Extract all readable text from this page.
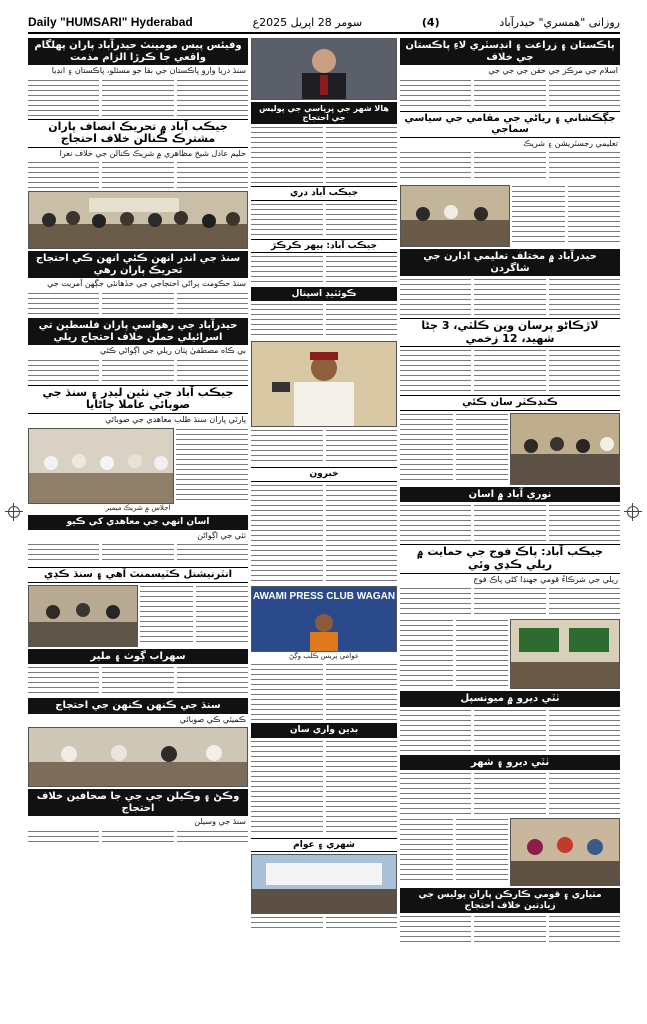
Daily "HUMSARI" Hyderabad	سومر 28 اپريل 2025ع	(4)	روزانی "همسري" حيدرآباد
وفيئس پيس مومينٽ حيدرآباد پاران پهلگام واقعي جا ڪرڙا الزام مذمت
سنڌ دريا وارو پاڪستان جي بقا جو مسئلو، پاڪستان ۽ انڊيا
جيڪب آباد ۾ تحريڪ انصاف پاران مشترڪ ڪنالن خلاف احتجاج
حليم عادل شيخ مظاهري ۾ شريڪ ڪنالن جي خلاف نعرا
سنڌ جي اندر انهن ڪئي انهن ڪي احتجاج تحريڪ پاران رهي
سنڌ حڪومت پراڻي احتجاجي جي جڏهانئي جڳهن آمريت جي
حيدرآباد جي رهواسي پاران فلسطين تي اسرائيلي حملن خلاف احتجاج ريلي
بي ڪاه مصطفيٰ پٺان ريلي جي اڳواڻي ڪئي
جيڪب آباد جي نئين ليڊر ۽ سنڌ جي صوبائي عاملا ڄاڻايا
پارٽي پاران سنڌ طلب معاهدي جي صوبائي
اجلاس ۾ شريڪ ميمبر
اسان انهي جي معاهدي کي ڪيو
ٺٽي جي اڳواڻن
انٽرنيشنل ڪٽيسمنٽ آهي ۽ سنڌ ڪڍي
سهراب ڳوٺ ۽ ملير
سنڌ جي ڪنهن ڪنهن جي احتجاج
ڪميٽي ڪي صوبائي
وڪڻ ۽ وڪيلن جي جي جا صحافين خلاف احتجاج
سنڌ جي وسيلن
هالا شهر جي ڀرپاسي جي پوليس جي احتجاج
جيڪب آباد دري
جيڪب آباد: ٻيهر ڪرڪڙ
ڪوئٽيڊ اسپتال
خبرون
AWAMI PRESS CLUB WAGAN
عوامي پريس ڪلب وڳڻ
بدين واري سان
شهري ۽ عوام
پاڪستان ۽ زراعت ۽ انڊسٽري لاءِ پاڪستان جي خلاف
اسلام جي مرڪز جي حقن جي جي جي
جڳڪشاني ۽ رياڻي جي مقامي جي سياسي سماجي
تعليمي رجسٽريشن ۽ شريڪ
حيدرآباد ۾ مختلف تعليمي ادارن جي شاگردن
لاڙڪاڻو پرسان وين ڪلٽي، 3 ڄڻا شهيد، 12 زخمي
ڪنڊڪٽر سان ڪئي
نوري آباد ۾ اسان
جيڪب آباد: پاڪ فوج جي حمايت ۾ ريلي ڪڍي وئي
ريلي جي شرڪاءُ قومي جهنڊا کڻي پاڪ فوج
ٺٽي ديرو ۾ ميونسپل
ٺٽي ديرو ۽ شهر
مٺياري ۽ قومي ڪارڪن پاران پوليس جي زيادتين خلاف احتجاج
